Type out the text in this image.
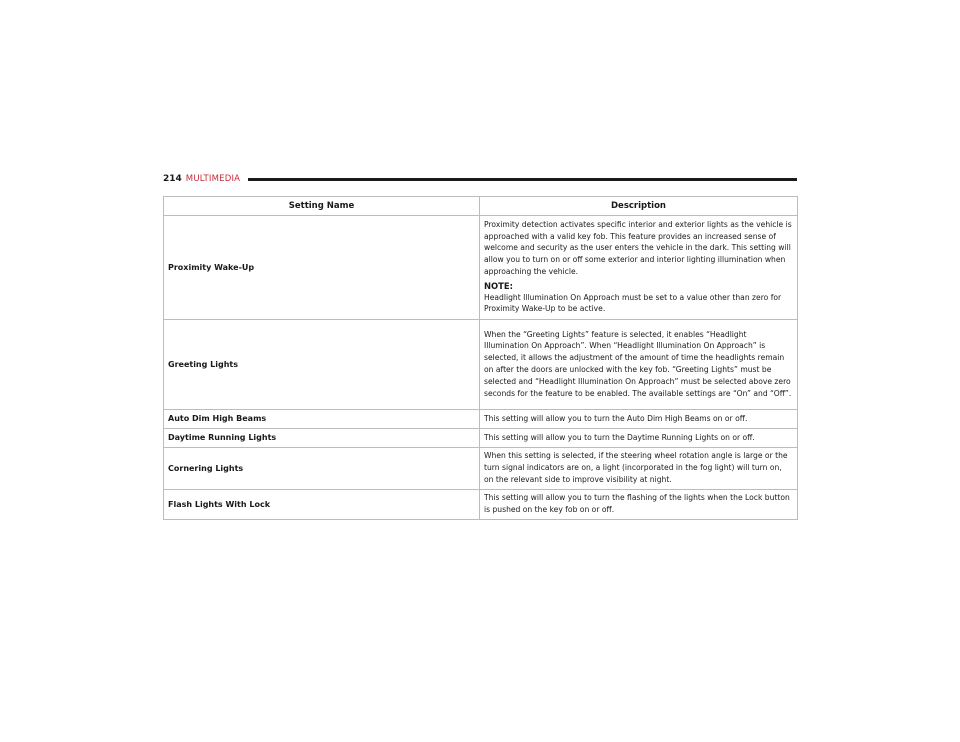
214 MULTIMEDIA
Setting Name	Description
Proximity Wake-Up	Proximity detection activates specific interior and exterior lights as the vehicle is approached with a valid key fob. This feature provides an increased sense of welcome and security as the user enters the vehicle in the dark. This setting will allow you to turn on or off some exterior and interior lighting illumination when approaching the vehicle.
NOTE:
Headlight Illumination On Approach must be set to a value other than zero for Proximity Wake-Up to be active.

Greeting Lights	When the “Greeting Lights” feature is selected, it enables “Headlight Illumination On Approach”. When “Headlight Illumination On Approach” is selected, it allows the adjustment of the amount of time the headlights remain on after the doors are unlocked with the key fob. “Greeting Lights” must be selected and “Headlight Illumination On Approach” must be selected above zero seconds for the feature to be enabled. The available settings are “On” and “Off”.
Auto Dim High Beams	This setting will allow you to turn the Auto Dim High Beams on or off.
Daytime Running Lights	This setting will allow you to turn the Daytime Running Lights on or off.
Cornering Lights	When this setting is selected, if the steering wheel rotation angle is large or the turn signal indicators are on, a light (incorporated in the fog light) will turn on, on the relevant side to improve visibility at night.
Flash Lights With Lock	This setting will allow you to turn the flashing of the lights when the Lock button is pushed on the key fob on or off.
